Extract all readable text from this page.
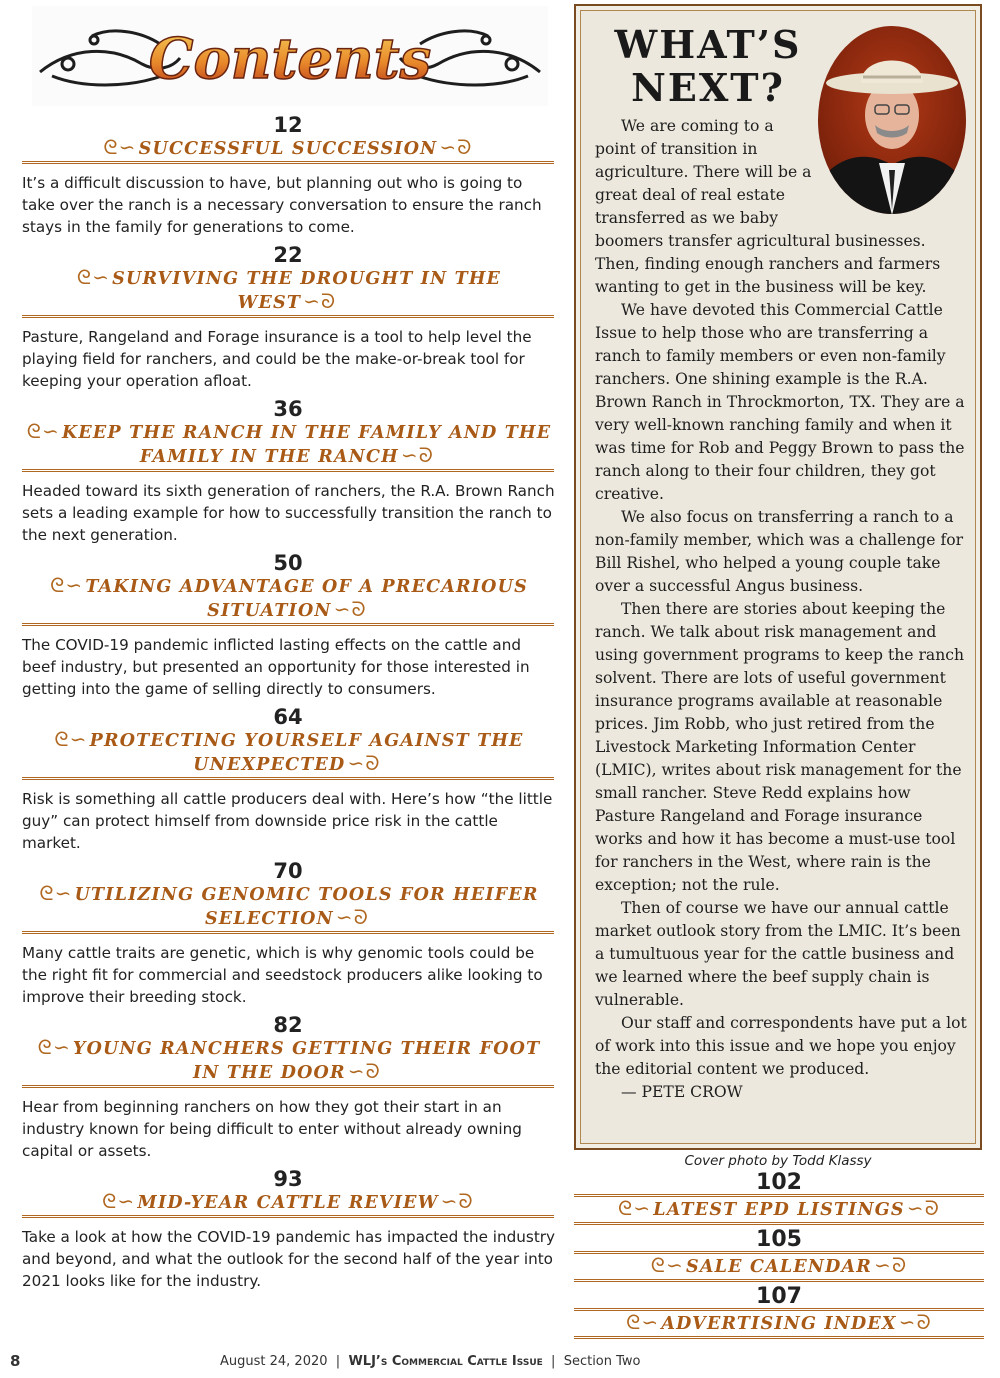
Contents
12
ᘓ∽ SUCCESSFUL SUCCESSION ∽ᘐ
It’s a difficult discussion to have, but planning out who is going to take over the ranch is a necessary conversation to ensure the ranch stays in the family for generations to come.
22
ᘓ∽ SURVIVING THE DROUGHT IN THE WEST ∽ᘐ
Pasture, Rangeland and Forage insurance is a tool to help level the playing field for ranchers, and could be the make-or-break tool for keeping your operation afloat.
36
ᘓ∽ KEEP THE RANCH IN THE FAMILY AND THE FAMILY IN THE RANCH ∽ᘐ
Headed toward its sixth generation of ranchers, the R.A. Brown Ranch sets a leading example for how to successfully transition the ranch to the next generation.
50
ᘓ∽ TAKING ADVANTAGE OF A PRECARIOUS SITUATION ∽ᘐ
The COVID-19 pandemic inflicted lasting effects on the cattle and beef industry, but presented an opportunity for those interested in getting into the game of selling directly to consumers.
64
ᘓ∽ PROTECTING YOURSELF AGAINST THE UNEXPECTED ∽ᘐ
Risk is something all cattle producers deal with. Here’s how “the little guy” can protect himself from downside price risk in the cattle market.
70
ᘓ∽ UTILIZING GENOMIC TOOLS FOR HEIFER SELECTION ∽ᘐ
Many cattle traits are genetic, which is why genomic tools could be the right fit for commercial and seedstock producers alike looking to improve their breeding stock.
82
ᘓ∽ YOUNG RANCHERS GETTING THEIR FOOT IN THE DOOR ∽ᘐ
Hear from beginning ranchers on how they got their start in an industry known for being difficult to enter without already owning capital or assets.
93
ᘓ∽ MID-YEAR CATTLE REVIEW ∽ᘐ
Take a look at how the COVID-19 pandemic has impacted the industry and beyond, and what the outlook for the second half of the year into 2021 looks like for the industry.
WHAT’S
NEXT?

We are coming to a point of transition in agriculture. There will be a great deal of real estate transferred as we baby boomers transfer agricultural businesses. Then, finding enough ranchers and farmers wanting to get in the business will be key.

We have devoted this Commercial Cattle Issue to help those who are transferring a ranch to family members or even non-family ranchers. One shining example is the R.A. Brown Ranch in Throckmorton, TX. They are a very well-known ranching family and when it was time for Rob and Peggy Brown to pass the ranch along to their four children, they got creative.

We also focus on transferring a ranch to a non-family member, which was a challenge for Bill Rishel, who helped a young couple take over a successful Angus business.

Then there are stories about keeping the ranch. We talk about risk management and using government programs to keep the ranch solvent. There are lots of useful government insurance programs available at reasonable prices. Jim Robb, who just retired from the Livestock Marketing Information Center (LMIC), writes about risk management for the small rancher. Steve Redd explains how Pasture Rangeland and Forage insurance works and how it has become a must-use tool for ranchers in the West, where rain is the exception; not the rule.

Then of course we have our annual cattle market outlook story from the LMIC. It’s been a tumultuous year for the cattle business and we learned where the beef supply chain is vulnerable.

Our staff and correspondents have put a lot of work into this issue and we hope you enjoy the editorial content we produced.

— PETE CROW

Cover photo by Todd Klassy
102
ᘓ∽ LATEST EPD LISTINGS ∽ᘐ
105
ᘓ∽ SALE CALENDAR ∽ᘐ
107
ᘓ∽ ADVERTISING INDEX ∽ᘐ
8	August 24, 2020 | WLJ’s Commercial Cattle Issue | Section Two
